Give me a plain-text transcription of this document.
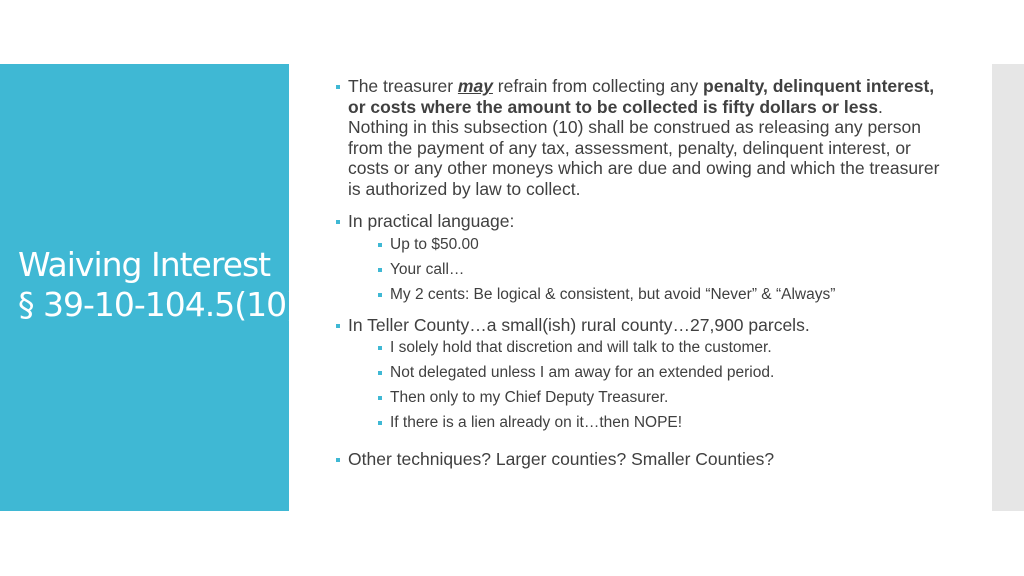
Waiving Interest
§ 39-10-104.5(10)
The treasurer may refrain from collecting any penalty, delinquent interest, or costs where the amount to be collected is fifty dollars or less. Nothing in this subsection (10) shall be construed as releasing any person from the payment of any tax, assessment, penalty, delinquent interest, or costs or any other moneys which are due and owing and which the treasurer is authorized by law to collect.
In practical language:
Up to $50.00
Your call…
My 2 cents: Be logical & consistent, but avoid “Never” & “Always”
In Teller County…a small(ish) rural county…27,900 parcels.
I solely hold that discretion and will talk to the customer.
Not delegated unless I am away for an extended period.
Then only to my Chief Deputy Treasurer.
If there is a lien already on it…then NOPE!
Other techniques? Larger counties? Smaller Counties?
